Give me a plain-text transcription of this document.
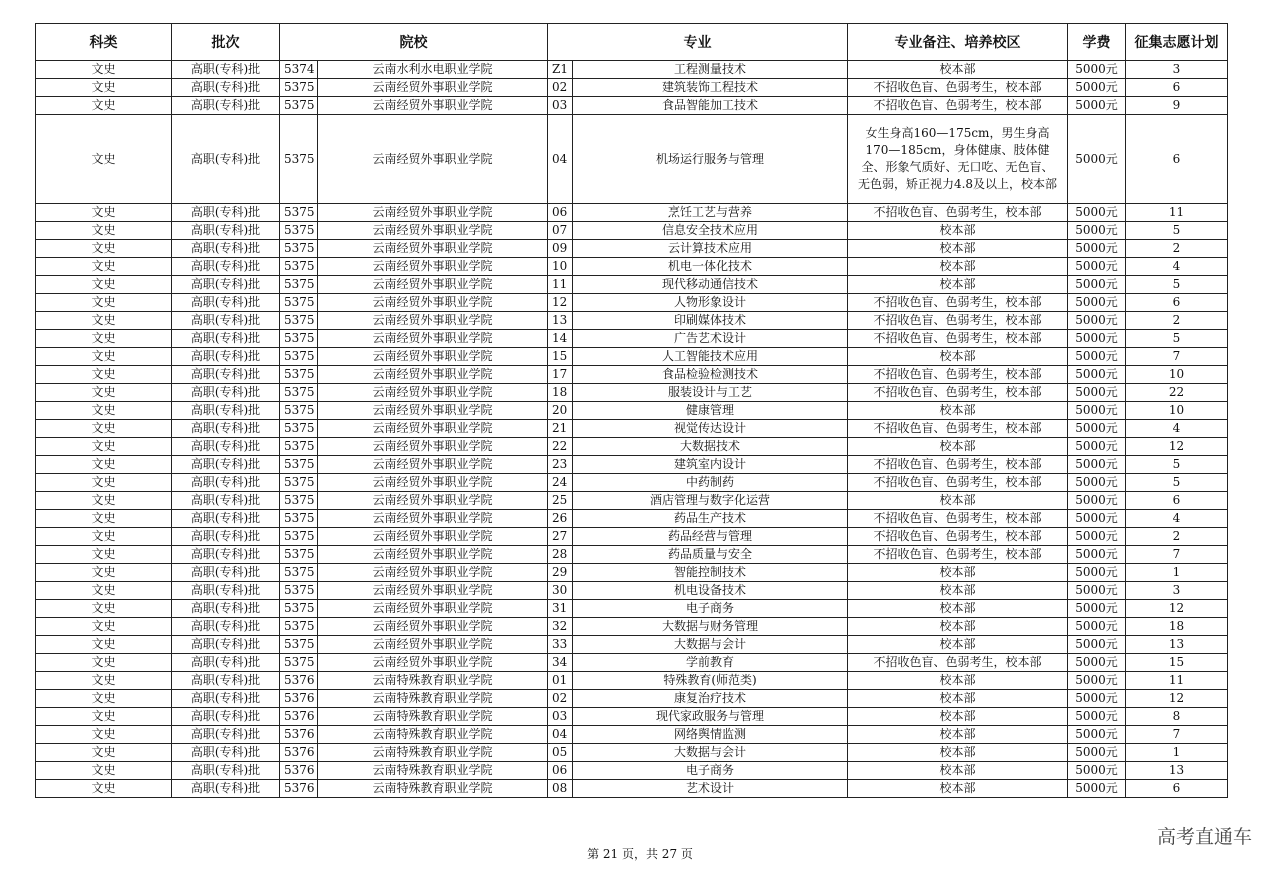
科类	批次	院校		专业		专业备注、培养校区	学费	征集志愿计划
文史	高职(专科)批	5374	云南水利水电职业学院	Z1	工程测量技术	校本部	5000元	3
文史	高职(专科)批	5375	云南经贸外事职业学院	02	建筑装饰工程技术	不招收色盲、色弱考生，校本部	5000元	6
文史	高职(专科)批	5375	云南经贸外事职业学院	03	食品智能加工技术	不招收色盲、色弱考生，校本部	5000元	9
文史	高职(专科)批	5375	云南经贸外事职业学院	04	机场运行服务与管理	女生身高160—175cm，男生身高170—185cm，身体健康、肢体健全、形象气质好、无口吃、无色盲、无色弱，矫正视力4.8及以上，校本部	5000元	6
文史	高职(专科)批	5375	云南经贸外事职业学院	06	烹饪工艺与营养	不招收色盲、色弱考生，校本部	5000元	11
文史	高职(专科)批	5375	云南经贸外事职业学院	07	信息安全技术应用	校本部	5000元	5
文史	高职(专科)批	5375	云南经贸外事职业学院	09	云计算技术应用	校本部	5000元	2
文史	高职(专科)批	5375	云南经贸外事职业学院	10	机电一体化技术	校本部	5000元	4
文史	高职(专科)批	5375	云南经贸外事职业学院	11	现代移动通信技术	校本部	5000元	5
文史	高职(专科)批	5375	云南经贸外事职业学院	12	人物形象设计	不招收色盲、色弱考生，校本部	5000元	6
文史	高职(专科)批	5375	云南经贸外事职业学院	13	印刷媒体技术	不招收色盲、色弱考生，校本部	5000元	2
文史	高职(专科)批	5375	云南经贸外事职业学院	14	广告艺术设计	不招收色盲、色弱考生，校本部	5000元	5
文史	高职(专科)批	5375	云南经贸外事职业学院	15	人工智能技术应用	校本部	5000元	7
文史	高职(专科)批	5375	云南经贸外事职业学院	17	食品检验检测技术	不招收色盲、色弱考生，校本部	5000元	10
文史	高职(专科)批	5375	云南经贸外事职业学院	18	服装设计与工艺	不招收色盲、色弱考生，校本部	5000元	22
文史	高职(专科)批	5375	云南经贸外事职业学院	20	健康管理	校本部	5000元	10
文史	高职(专科)批	5375	云南经贸外事职业学院	21	视觉传达设计	不招收色盲、色弱考生，校本部	5000元	4
文史	高职(专科)批	5375	云南经贸外事职业学院	22	大数据技术	校本部	5000元	12
文史	高职(专科)批	5375	云南经贸外事职业学院	23	建筑室内设计	不招收色盲、色弱考生，校本部	5000元	5
文史	高职(专科)批	5375	云南经贸外事职业学院	24	中药制药	不招收色盲、色弱考生，校本部	5000元	5
文史	高职(专科)批	5375	云南经贸外事职业学院	25	酒店管理与数字化运营	校本部	5000元	6
文史	高职(专科)批	5375	云南经贸外事职业学院	26	药品生产技术	不招收色盲、色弱考生，校本部	5000元	4
文史	高职(专科)批	5375	云南经贸外事职业学院	27	药品经营与管理	不招收色盲、色弱考生，校本部	5000元	2
文史	高职(专科)批	5375	云南经贸外事职业学院	28	药品质量与安全	不招收色盲、色弱考生，校本部	5000元	7
文史	高职(专科)批	5375	云南经贸外事职业学院	29	智能控制技术	校本部	5000元	1
文史	高职(专科)批	5375	云南经贸外事职业学院	30	机电设备技术	校本部	5000元	3
文史	高职(专科)批	5375	云南经贸外事职业学院	31	电子商务	校本部	5000元	12
文史	高职(专科)批	5375	云南经贸外事职业学院	32	大数据与财务管理	校本部	5000元	18
文史	高职(专科)批	5375	云南经贸外事职业学院	33	大数据与会计	校本部	5000元	13
文史	高职(专科)批	5375	云南经贸外事职业学院	34	学前教育	不招收色盲、色弱考生，校本部	5000元	15
文史	高职(专科)批	5376	云南特殊教育职业学院	01	特殊教育(师范类)	校本部	5000元	11
文史	高职(专科)批	5376	云南特殊教育职业学院	02	康复治疗技术	校本部	5000元	12
文史	高职(专科)批	5376	云南特殊教育职业学院	03	现代家政服务与管理	校本部	5000元	8
文史	高职(专科)批	5376	云南特殊教育职业学院	04	网络舆情监测	校本部	5000元	7
文史	高职(专科)批	5376	云南特殊教育职业学院	05	大数据与会计	校本部	5000元	1
文史	高职(专科)批	5376	云南特殊教育职业学院	06	电子商务	校本部	5000元	13
文史	高职(专科)批	5376	云南特殊教育职业学院	08	艺术设计	校本部	5000元	6
第 21 页，共 27 页
高考直通车
